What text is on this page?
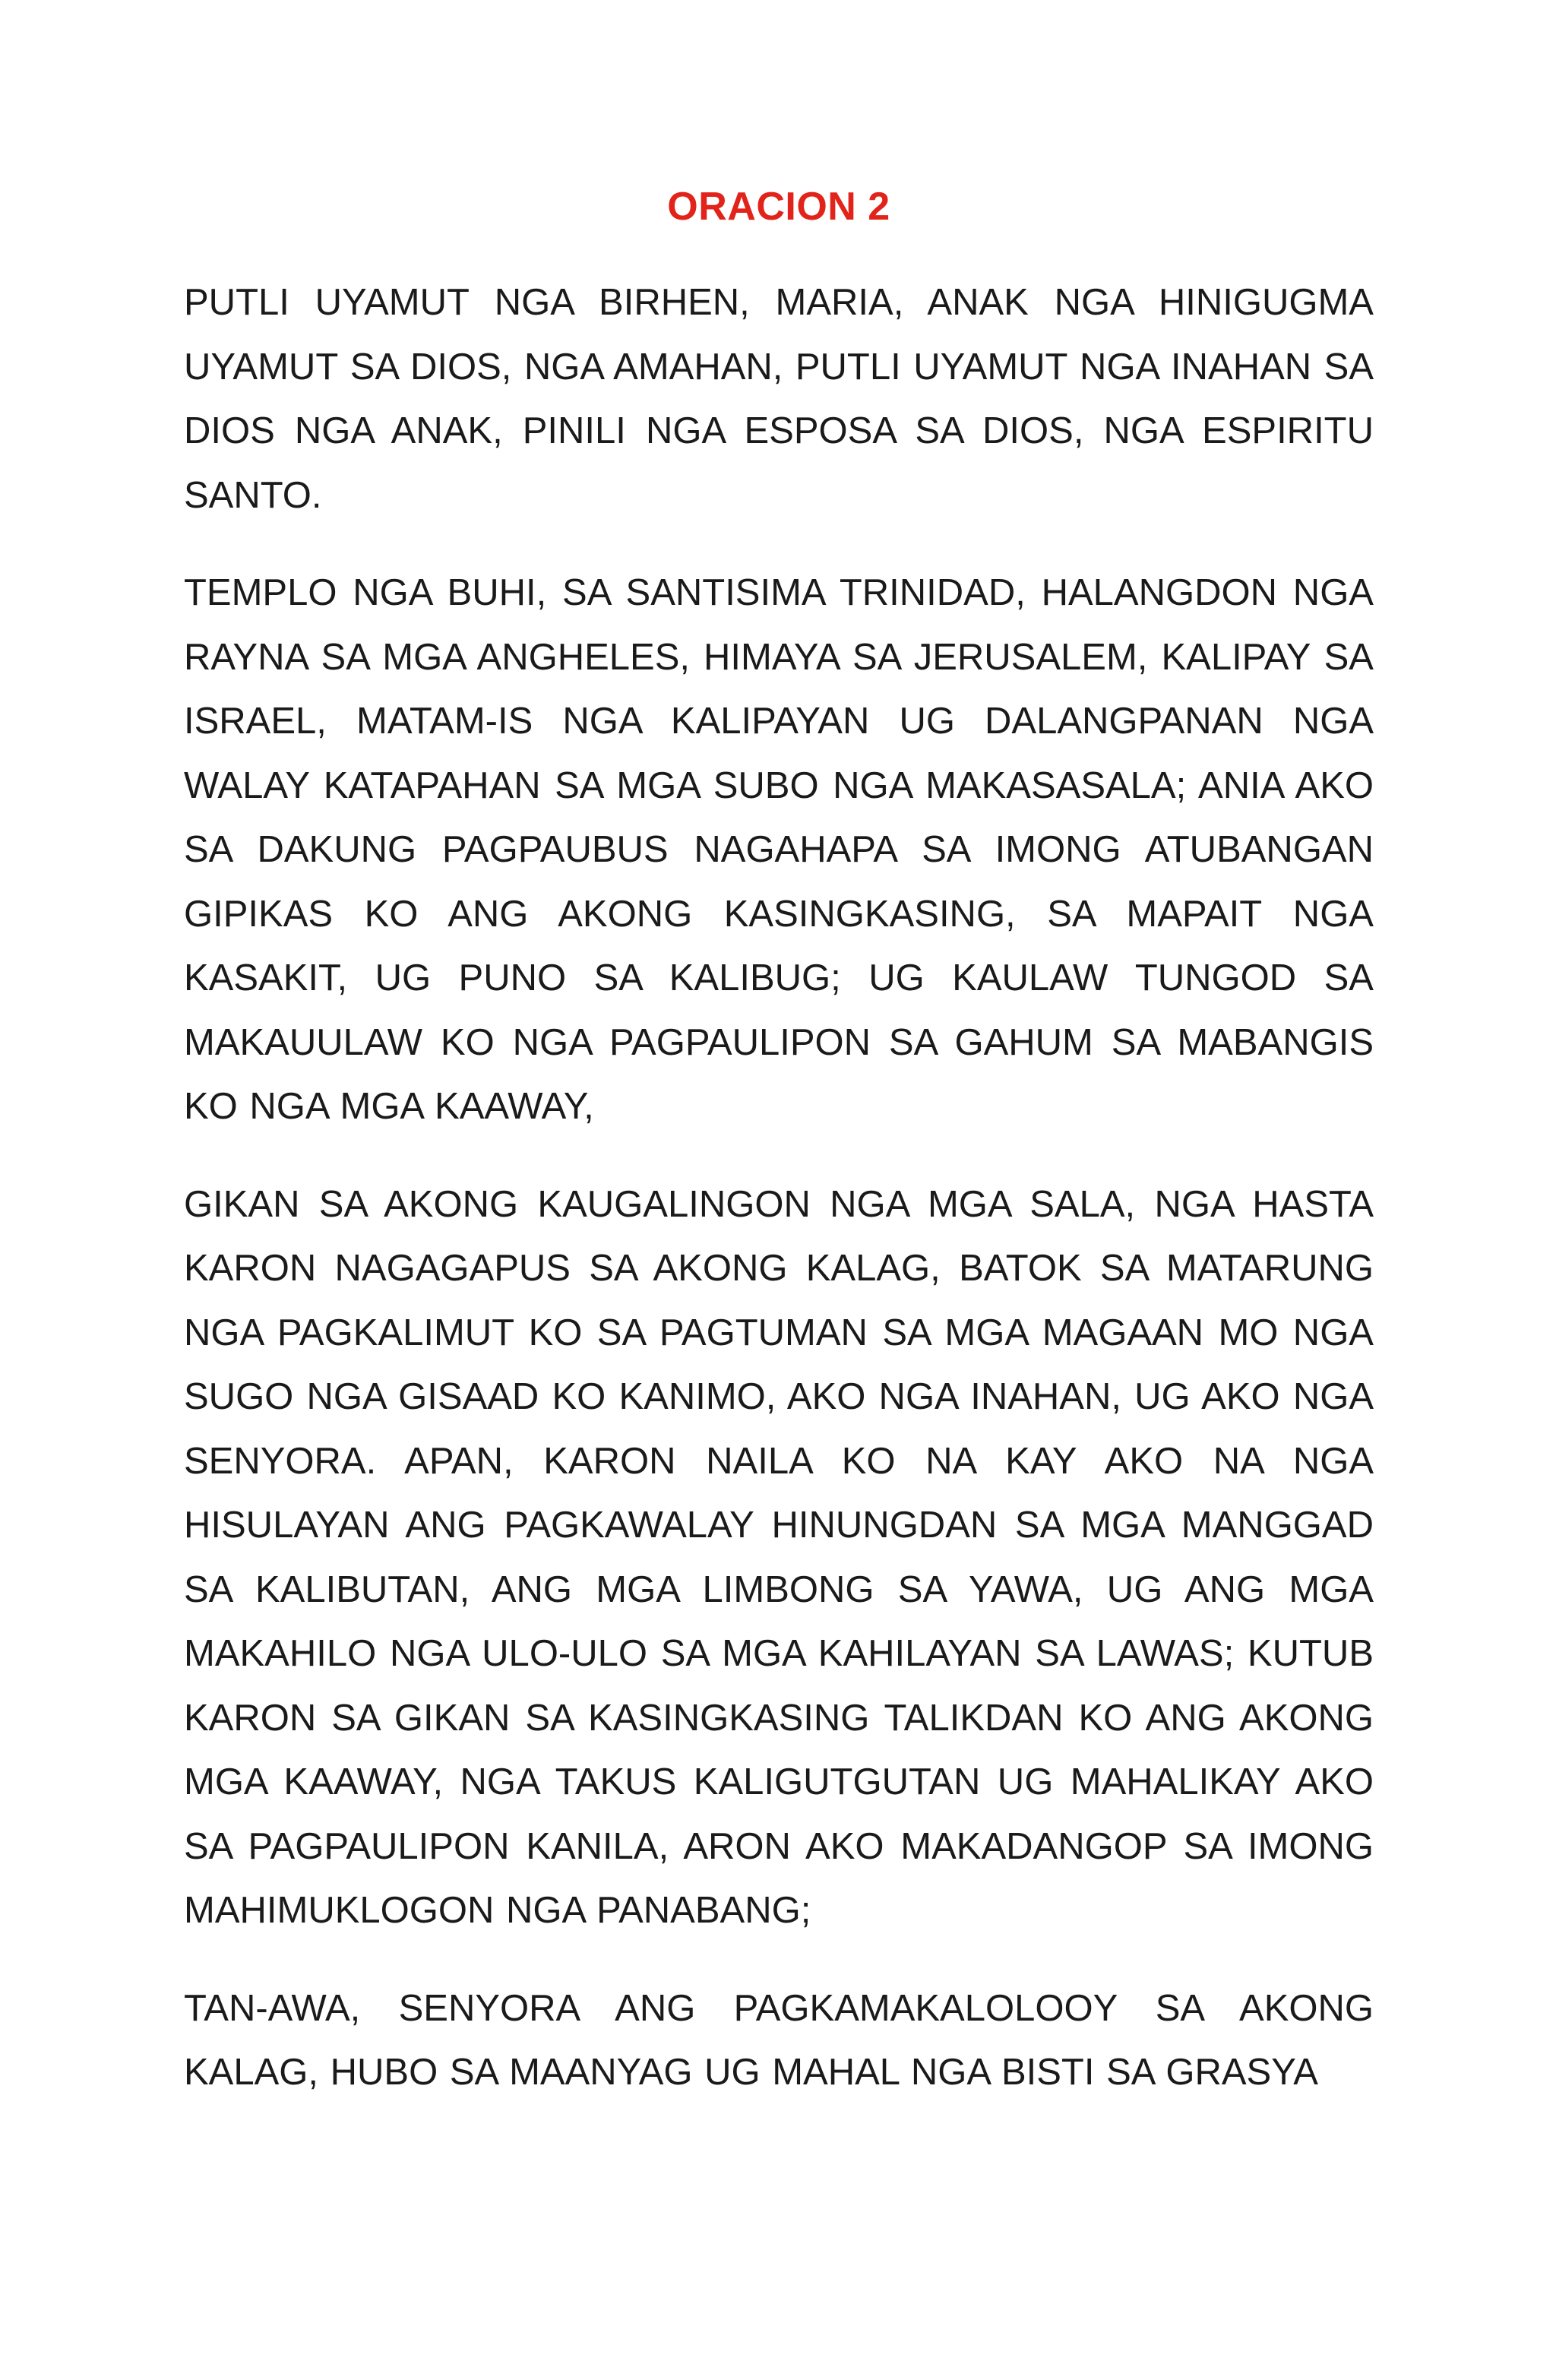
ORACION 2

PUTLI UYAMUT NGA BIRHEN, MARIA, ANAK NGA HINIGUGMA UYAMUT SA DIOS, NGA AMAHAN, PUTLI UYAMUT NGA INAHAN SA DIOS NGA ANAK, PINILI NGA ESPOSA SA DIOS, NGA ESPIRITU SANTO.

TEMPLO NGA BUHI, SA SANTISIMA TRINIDAD, HALANGDON NGA RAYNA SA MGA ANGHELES, HIMAYA SA JERUSALEM, KALIPAY SA ISRAEL, MATAM-IS NGA KALIPAYAN UG DALANGPANAN NGA WALAY KATAPAHAN SA MGA SUBO NGA MAKASASALA; ANIA AKO SA DAKUNG PAGPAUBUS NAGAHAPA SA IMONG ATUBANGAN GIPIKAS KO ANG AKONG KASINGKASING, SA MAPAIT NGA KASAKIT, UG PUNO SA KALIBUG; UG KAULAW TUNGOD SA MAKAUULAW KO NGA PAGPAULIPON SA GAHUM SA MABANGIS KO NGA MGA KAAWAY,

GIKAN SA AKONG KAUGALINGON NGA MGA SALA, NGA HASTA KARON NAGAGAPUS SA AKONG KALAG, BATOK SA MATARUNG NGA PAGKALIMUT KO SA PAGTUMAN SA MGA MAGAAN MO NGA SUGO NGA GISAAD KO KANIMO, AKO NGA INAHAN, UG AKO NGA SENYORA. APAN, KARON NAILA KO NA KAY AKO NA NGA HISULAYAN ANG PAGKAWALAY HINUNGDAN SA MGA MANGGAD SA KALIBUTAN, ANG MGA LIMBONG SA YAWA, UG ANG MGA MAKAHILO NGA ULO-ULO SA MGA KAHILAYAN SA LAWAS; KUTUB KARON SA GIKAN SA KASINGKASING TALIKDAN KO ANG AKONG MGA KAAWAY, NGA TAKUS KALIGUTGUTAN UG MAHALIKAY AKO SA PAGPAULIPON KANILA, ARON AKO MAKADANGOP SA IMONG MAHIMUKLOGON NGA PANABANG;

TAN-AWA, SENYORA ANG PAGKAMAKALOLOOY SA AKONG KALAG, HUBO SA MAANYAG UG MAHAL NGA BISTI SA GRASYA
